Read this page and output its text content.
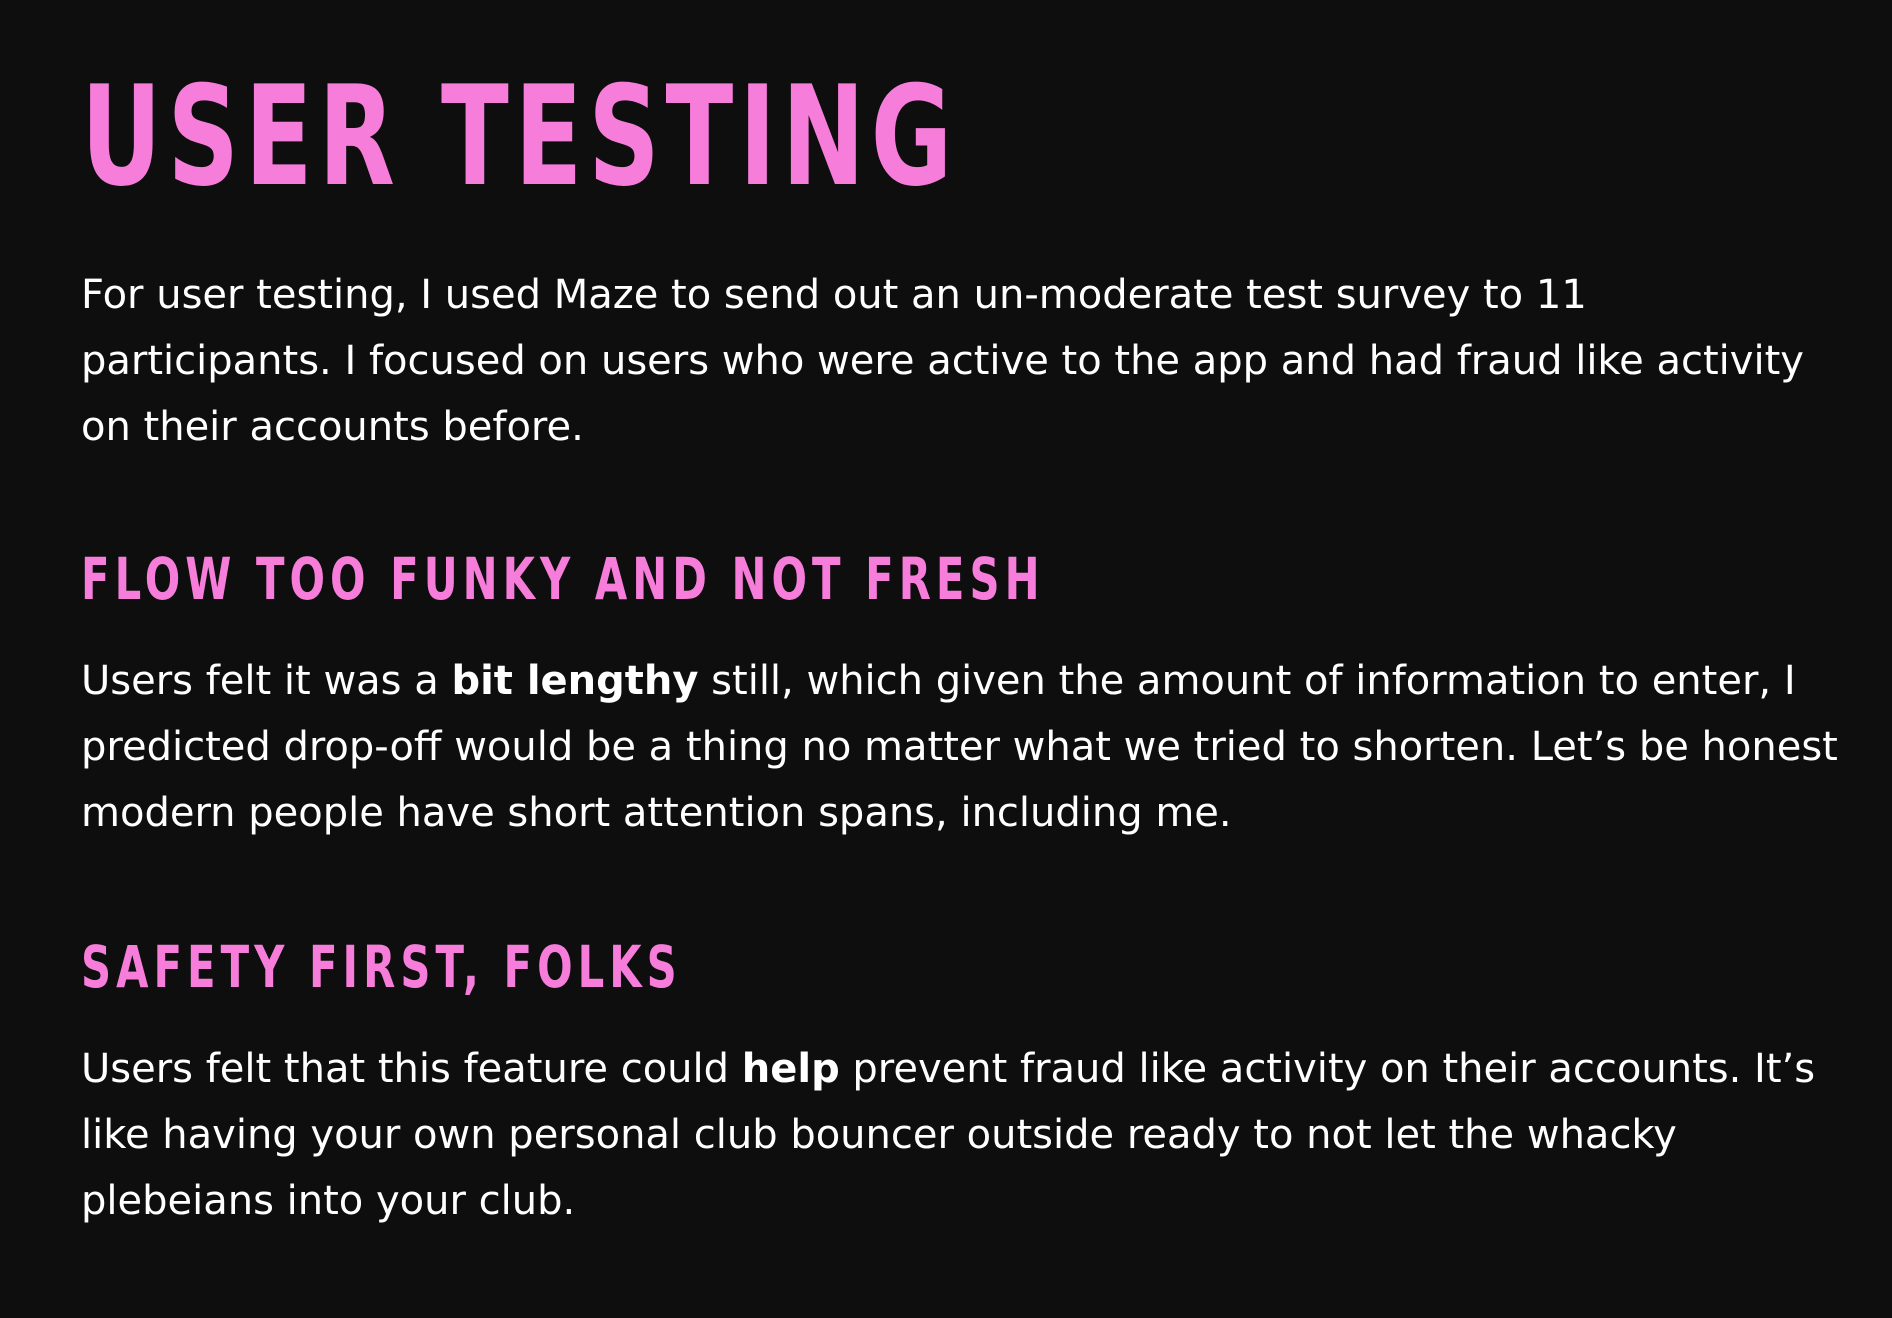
USER TESTING

For user testing, I used Maze to send out an un-moderate test survey to 11 participants. I focused on users who were active to the app and had fraud like activity on their accounts before.

FLOW TOO FUNKY AND NOT FRESH

Users felt it was a bit lengthy still, which given the amount of information to enter, I predicted drop-off would be a thing no matter what we tried to shorten. Let’s be honest modern people have short attention spans, including me.

SAFETY FIRST, FOLKS

Users felt that this feature could help prevent fraud like activity on their accounts. It’s like having your own personal club bouncer outside ready to not let the whacky plebeians into your club.
